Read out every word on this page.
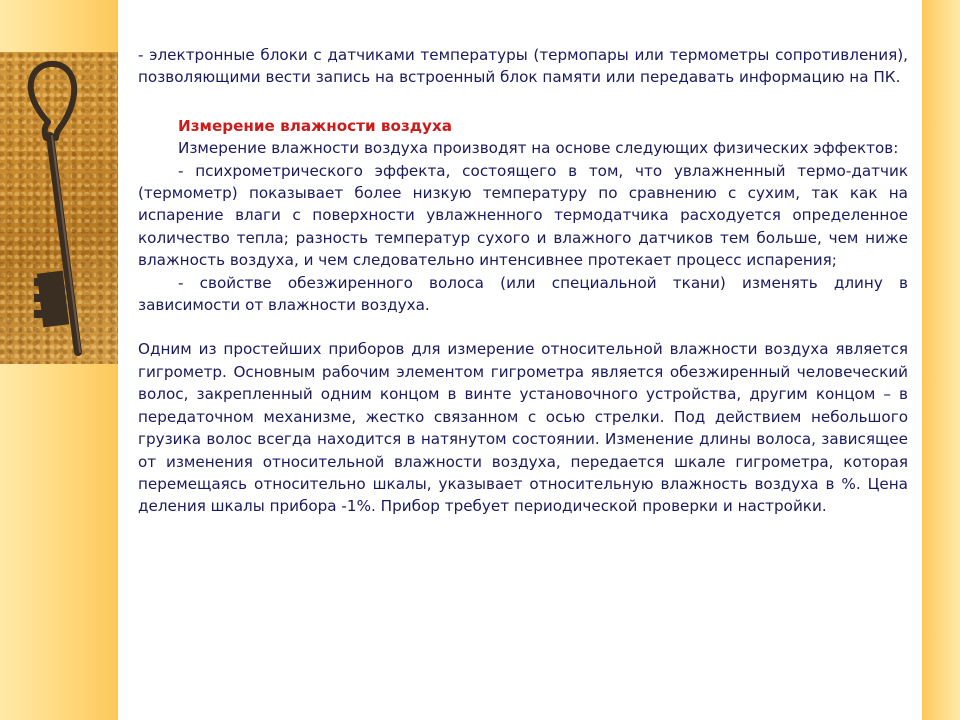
- электронные блоки с датчиками температуры (термопары или термометры сопротивления), позволяющими вести запись на встроенный блок памяти или передавать информацию на ПК.

Измерение влажности воздуха

Измерение влажности воздуха производят на основе следующих физических эффектов:

- психрометрического эффекта, состоящего в том, что увлажненный термо-датчик (термометр) показывает более низкую температуру по сравнению с сухим, так как на испарение влаги с поверхности увлажненного термодатчика расходуется определенное количество тепла; разность температур сухого и влажного датчиков тем больше, чем ниже влажность воздуха, и чем следовательно интенсивнее протекает процесс испарения;

- свойстве обезжиренного волоса (или специальной ткани) изменять длину в зависимости от влажности воздуха.

Одним из простейших приборов для измерение относительной влажности воздуха является гигрометр. Основным рабочим элементом гигрометра является обезжиренный человеческий волос, закрепленный одним концом в винте установочного устройства, другим концом – в передаточном механизме, жестко связанном с осью стрелки. Под действием небольшого грузика волос всегда находится в натянутом состоянии. Изменение длины волоса, зависящее от изменения относительной влажности воздуха, передается шкале гигрометра, которая перемещаясь относительно шкалы, указывает относительную влажность воздуха в %. Цена деления шкалы прибора -1%. Прибор требует периодической проверки и настройки.
